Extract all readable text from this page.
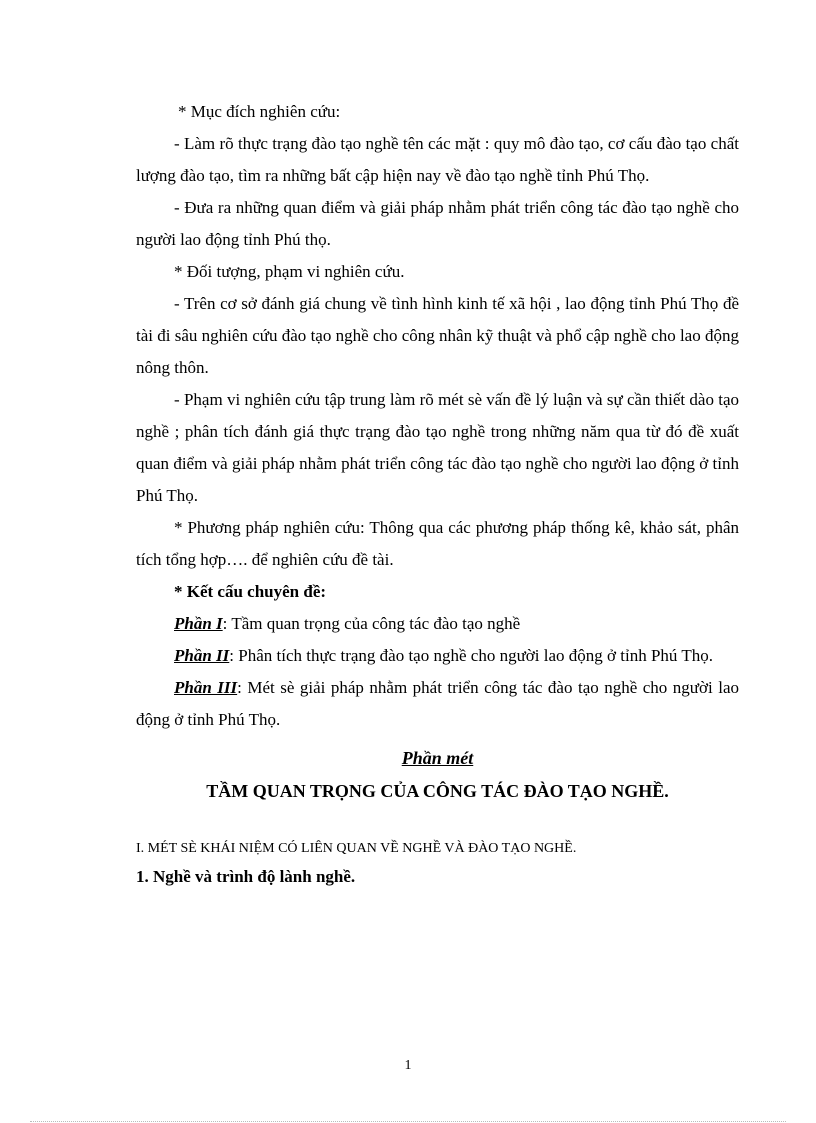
* Mục đích nghiên cứu:

- Làm rõ thực trạng đào tạo nghề tên các mặt : quy mô đào tạo, cơ cấu đào tạo chất lượng đào tạo, tìm ra những bất cập hiện nay về đào tạo nghề tỉnh Phú Thọ.

- Đưa ra những quan điểm và giải pháp nhằm phát triển công tác đào tạo nghề cho người lao động tỉnh Phú thọ.

* Đối tượng, phạm vi nghiên cứu.

- Trên cơ sở đánh giá chung về tình hình kinh tế xã hội , lao động tỉnh Phú Thọ đề tài đi sâu nghiên cứu đào tạo nghề cho công nhân kỹ thuật và phổ cập nghề cho lao động nông thôn.

- Phạm vi nghiên cứu tập trung làm rõ mét sè vấn đề lý luận và sự cần thiết dào tạo nghề ; phân tích đánh giá thực trạng đào tạo nghề trong những năm qua từ đó đề xuất quan điểm và giải pháp nhằm phát triển công tác đào tạo nghề cho người lao động ở tỉnh Phú Thọ.

* Phương pháp nghiên cứu: Thông qua các phương pháp thống kê, khảo sát, phân tích tổng hợp…. để nghiên cứu đề tài.

* Kết cấu chuyên đề:

Phần I: Tầm quan trọng của công tác đào tạo nghề

Phần II: Phân tích thực trạng đào tạo nghề cho người lao động ở tỉnh Phú Thọ.

Phần III: Mét sè giải pháp nhằm phát triển công tác đào tạo nghề cho người lao động ở tỉnh Phú Thọ.

Phần mét

TẦM QUAN TRỌNG CỦA CÔNG TÁC ĐÀO TẠO NGHỀ.

I. MÉT SÈ KHÁI NIỆM CÓ LIÊN QUAN VỀ NGHỀ VÀ ĐÀO TẠO NGHỀ.

1. Nghề và trình độ lành nghề.

1
